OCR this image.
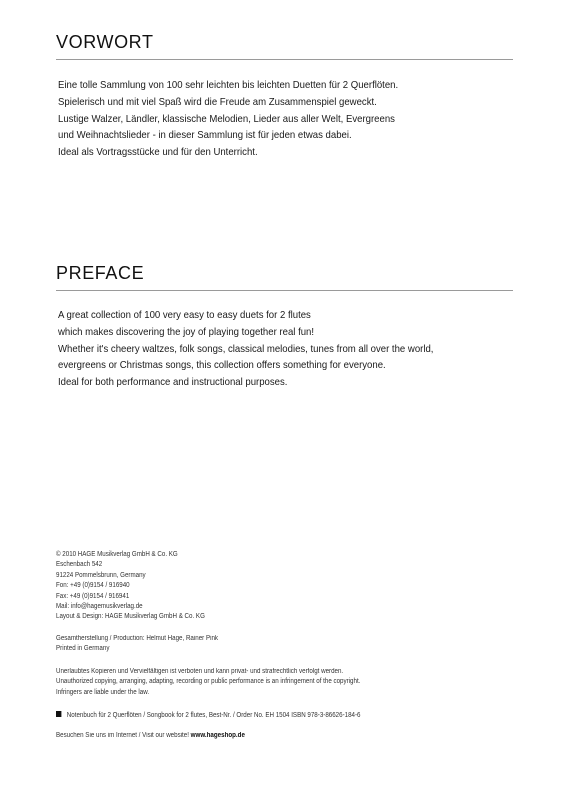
VORWORT
Eine tolle Sammlung von 100 sehr leichten bis leichten Duetten für 2 Querflöten.
Spielerisch und mit viel Spaß wird die Freude am Zusammenspiel geweckt.
Lustige Walzer, Ländler, klassische Melodien, Lieder aus aller Welt, Evergreens
und Weihnachtslieder - in dieser Sammlung ist für jeden etwas dabei.
Ideal als Vortragsstücke und für den Unterricht.
PREFACE
A great collection of 100 very easy to easy duets for 2 flutes
which makes discovering the joy of playing together real fun!
Whether it's cheery waltzes, folk songs, classical melodies, tunes from all over the world,
evergreens or Christmas songs, this collection offers something for everyone.
Ideal for both performance and instructional purposes.
© 2010 HAGE Musikverlag GmbH & Co. KG
Eschenbach 542
91224 Pommelsbrunn, Germany
Fon: +49 (0)9154 / 916940
Fax: +49 (0)9154 / 916941
Mail: info@hagemusikverlag.de
Layout & Design: HAGE Musikverlag GmbH & Co. KG
Gesamtherstellung / Production: Helmut Hage, Rainer Pink
Printed in Germany
Unerlaubtes Kopieren und Vervielfältigen ist verboten und kann privat- und strafrechtlich verfolgt werden.
Unauthorized copying, arranging, adapting, recording or public performance is an infringement of the copyright.
Infringers are liable under the law.
Notenbuch für 2 Querflöten / Songbook for 2 flutes, Best-Nr. / Order No. EH 1504 ISBN 978-3-86626-184-6
Besuchen Sie uns im Internet / Visit our website! www.hageshop.de
